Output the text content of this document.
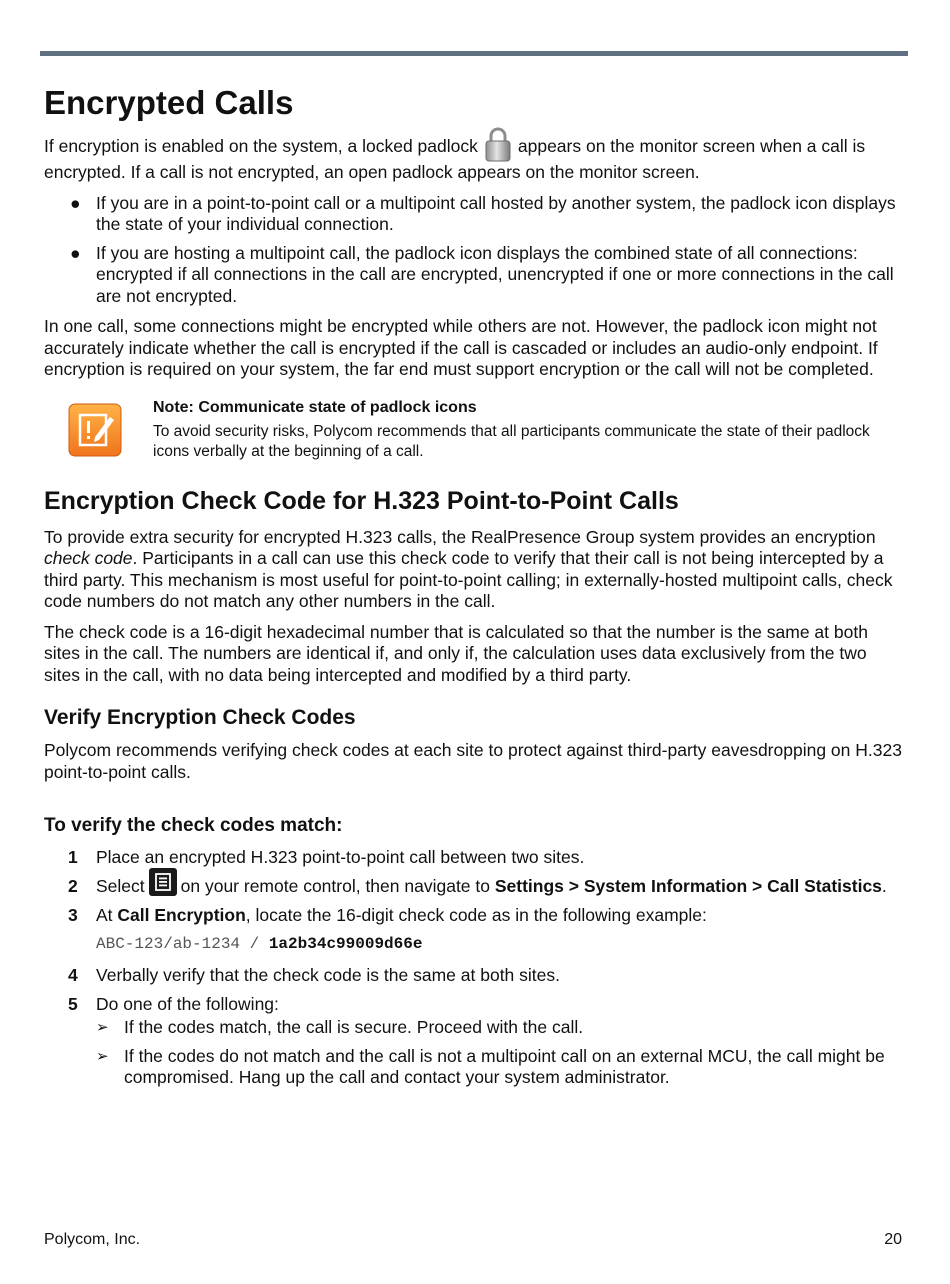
Encrypted Calls

If encryption is enabled on the system, a locked padlock appears on the monitor screen when a call is encrypted. If a call is not encrypted, an open padlock appears on the monitor screen.

● If you are in a point-to-point call or a multipoint call hosted by another system, the padlock icon displays the state of your individual connection.
● If you are hosting a multipoint call, the padlock icon displays the combined state of all connections: encrypted if all connections in the call are encrypted, unencrypted if one or more connections in the call are not encrypted.

In one call, some connections might be encrypted while others are not. However, the padlock icon might not accurately indicate whether the call is encrypted if the call is cascaded or includes an audio-only endpoint. If encryption is required on your system, the far end must support encryption or the call will not be completed.

Note: Communicate state of padlock icons
To avoid security risks, Polycom recommends that all participants communicate the state of their padlock icons verbally at the beginning of a call.
Encryption Check Code for H.323 Point-to-Point Calls

To provide extra security for encrypted H.323 calls, the RealPresence Group system provides an encryption check code. Participants in a call can use this check code to verify that their call is not being intercepted by a third party. This mechanism is most useful for point-to-point calling; in externally-hosted multipoint calls, check code numbers do not match any other numbers in the call.

The check code is a 16-digit hexadecimal number that is calculated so that the number is the same at both sites in the call. The numbers are identical if, and only if, the calculation uses data exclusively from the two sites in the call, with no data being intercepted and modified by a third party.

Verify Encryption Check Codes

Polycom recommends verifying check codes at each site to protect against third-party eavesdropping on H.323 point-to-point calls.

To verify the check codes match:
1 Place an encrypted H.323 point-to-point call between two sites.
2 Select on your remote control, then navigate to Settings > System Information > Call Statistics.
3 At Call Encryption, locate the 16-digit check code as in the following example:
ABC-123/ab-1234 / 1a2b34c99009d66e
4 Verbally verify that the check code is the same at both sites.
5 Do one of the following:
➢ If the codes match, the call is secure. Proceed with the call.
➢ If the codes do not match and the call is not a multipoint call on an external MCU, the call might be compromised. Hang up the call and contact your system administrator.
Polycom, Inc.	20
